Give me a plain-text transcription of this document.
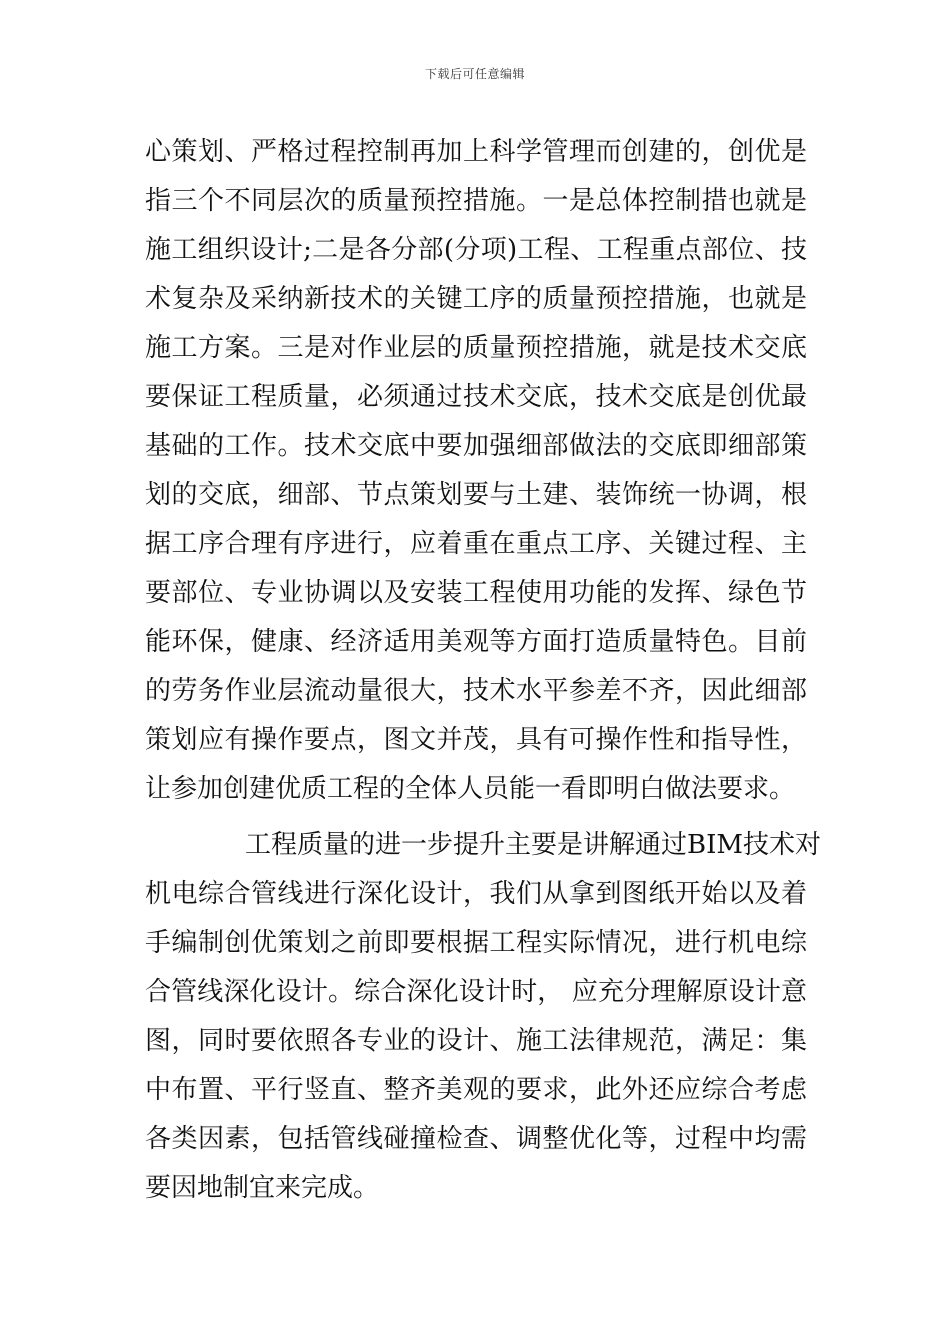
下载后可任意编辑
心策划、严格过程控制再加上科学管理而创建的，创优是
指三个不同层次的质量预控措施。一是总体控制措也就是
施工组织设计;二是各分部(分项)工程、工程重点部位、技
术复杂及采纳新技术的关键工序的质量预控措施，也就是
施工方案。三是对作业层的质量预控措施，就是技术交底
要保证工程质量，必须通过技术交底，技术交底是创优最
基础的工作。技术交底中要加强细部做法的交底即细部策
划的交底，细部、节点策划要与土建、装饰统一协调，根
据工序合理有序进行，应着重在重点工序、关键过程、主
要部位、专业协调以及安装工程使用功能的发挥、绿色节
能环保，健康、经济适用美观等方面打造质量特色。目前
的劳务作业层流动量很大，技术水平参差不齐，因此细部
策划应有操作要点，图文并茂，具有可操作性和指导性，
让参加创建优质工程的全体人员能一看即明白做法要求。
工程质量的进一步提升主要是讲解通过BIM技术对
机电综合管线进行深化设计，我们从拿到图纸开始以及着
手编制创优策划之前即要根据工程实际情况，进行机电综
合管线深化设计。综合深化设计时， 应充分理解原设计意
图，同时要依照各专业的设计、施工法律规范，满足：集
中布置、平行竖直、整齐美观的要求，此外还应综合考虑
各类因素，包括管线碰撞检查、调整优化等，过程中均需
要因地制宜来完成。
